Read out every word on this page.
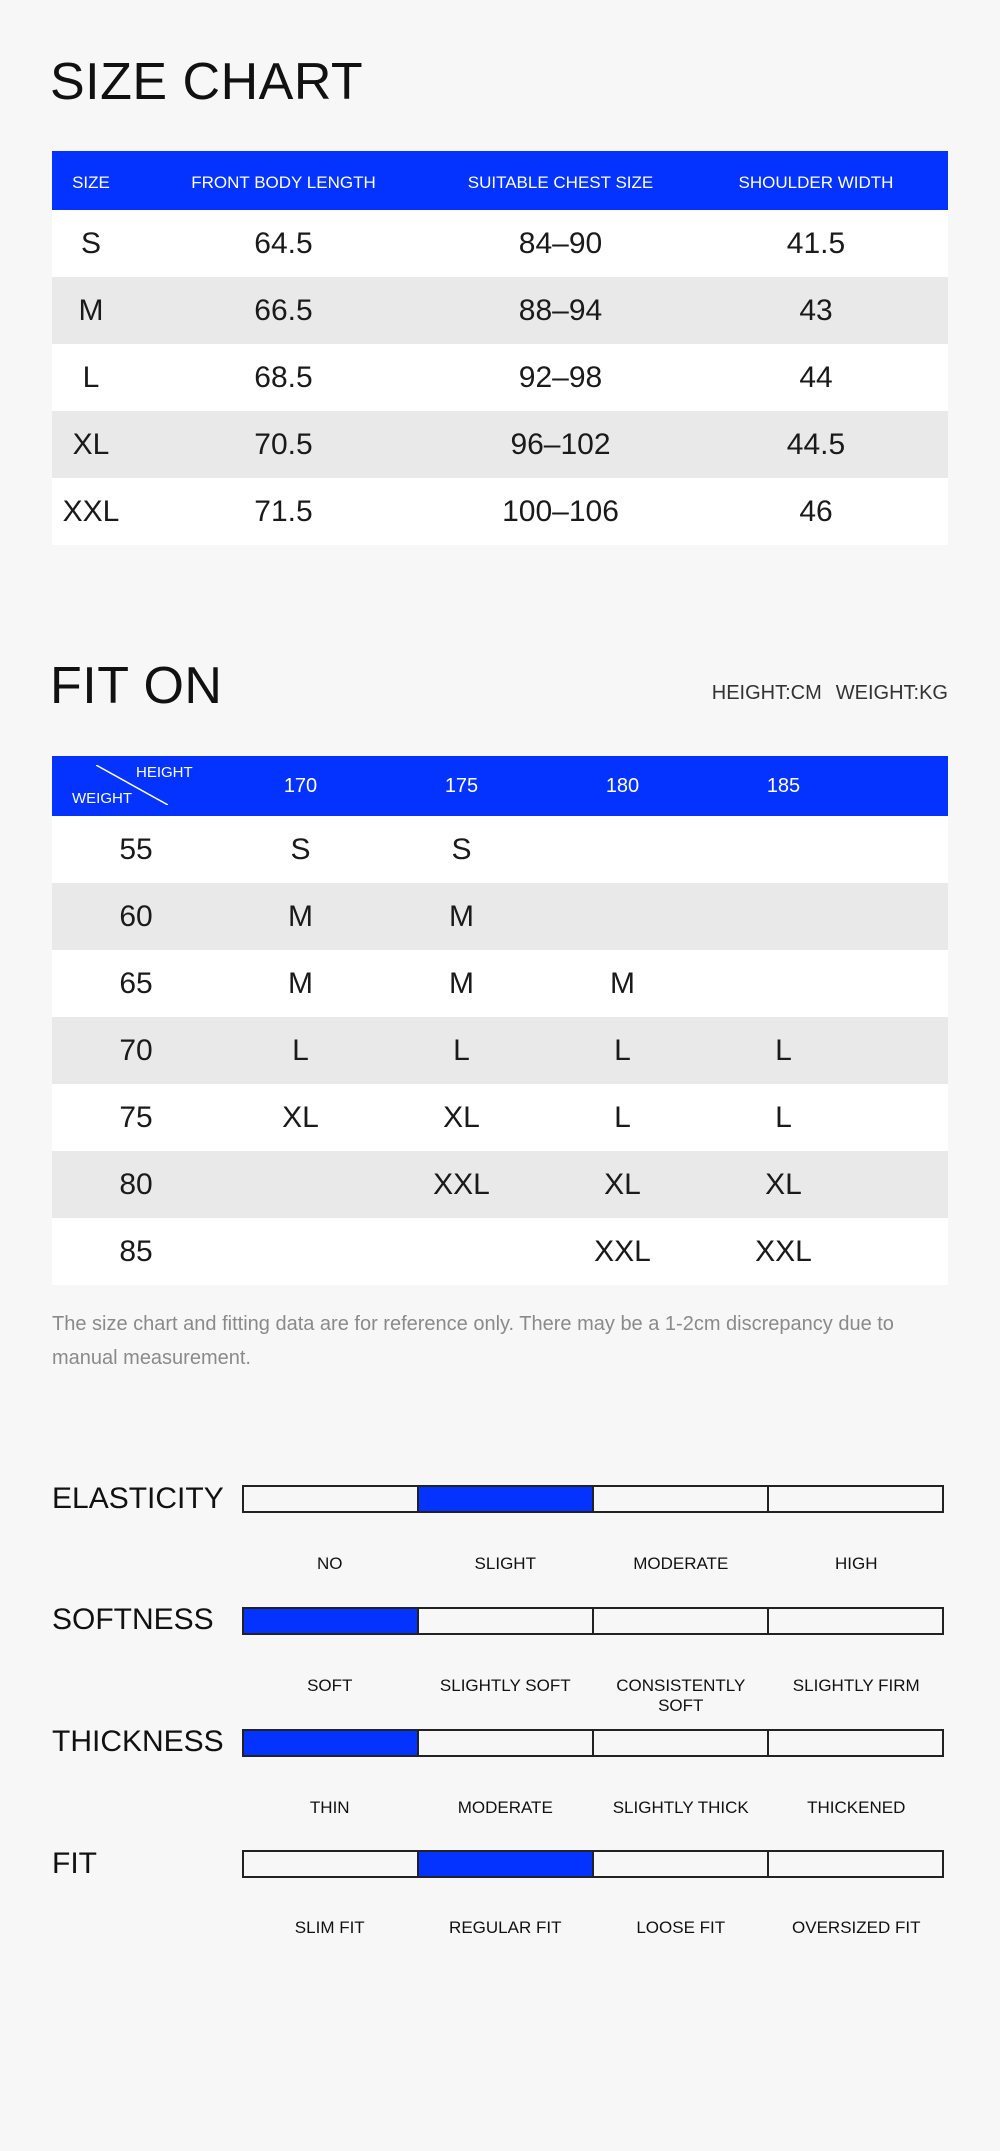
SIZE CHART
SIZE	FRONT BODY LENGTH	SUITABLE CHEST SIZE	SHOULDER WIDTH
S	64.5	84–90	41.5
M	66.5	88–94	43
L	68.5	92–98	44
XL	70.5	96–102	44.5
XXL	71.5	100–106	46
FIT ON	HEIGHT:CM WEIGHT:KG
HEIGHT
WEIGHT	170	175	180	185	
55	S	S			
60	M	M			
65	M	M	M		
70	L	L	L	L	
75	XL	XL	L	L	
80		XXL	XL	XL	
85			XXL	XXL	

The size chart and fitting data are for reference only. There may be a 1-2cm discrepancy due to manual measurement.

ELASTICITY
NO	SLIGHT	MODERATE	HIGH
SOFTNESS
SOFT	SLIGHTLY SOFT	CONSISTENTLY SOFT
SLIGHTLY FIRM
THICKNESS
THIN	MODERATE	SLIGHTLY THICK	THICKENED
FIT
SLIM FIT	REGULAR FIT	LOOSE FIT	OVERSIZED FIT
